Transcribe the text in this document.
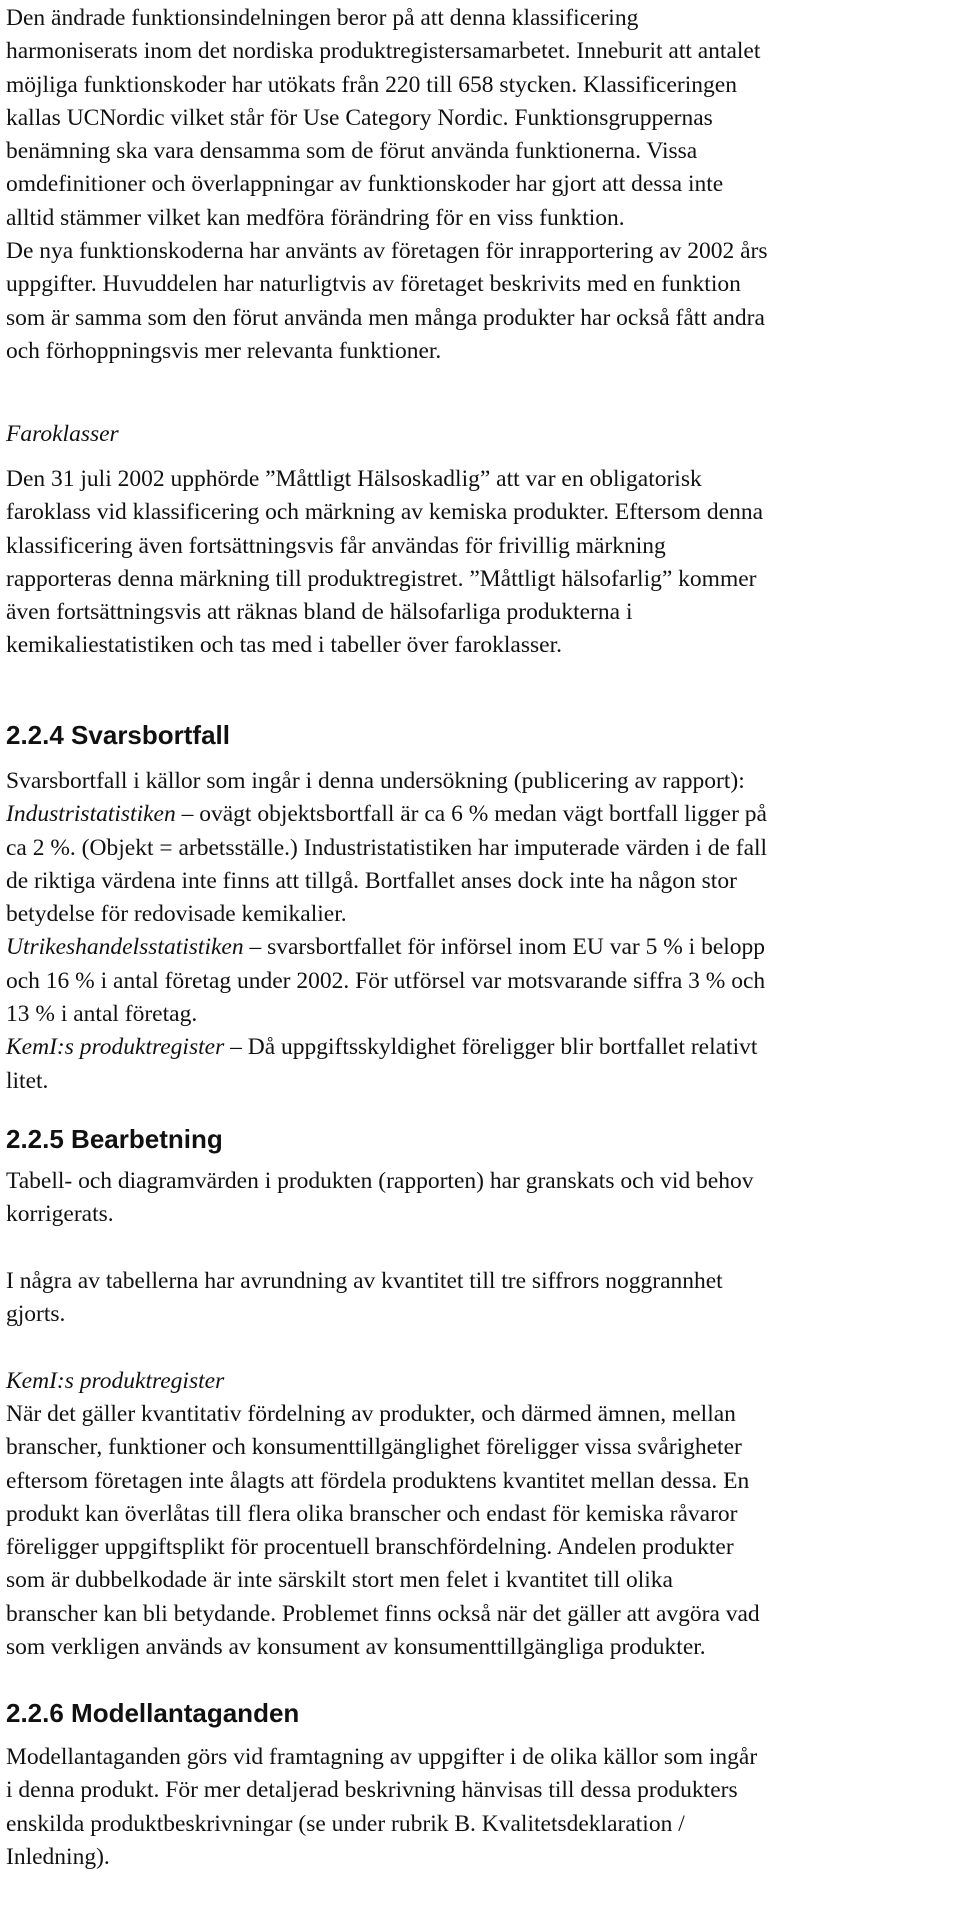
Den ändrade funktionsindelningen beror på att denna klassificering
harmoniserats inom det nordiska produktregistersamarbetet. Inneburit att antalet
möjliga funktionskoder har utökats från 220 till 658 stycken. Klassificeringen
kallas UCNordic vilket står för Use Category Nordic. Funktionsgruppernas
benämning ska vara densamma som de förut använda funktionerna. Vissa
omdefinitioner och överlappningar av funktionskoder har gjort att dessa inte
alltid stämmer vilket kan medföra förändring för en viss funktion.
De nya funktionskoderna har använts av företagen för inrapportering av 2002 års
uppgifter. Huvuddelen har naturligtvis av företaget beskrivits med en funktion
som är samma som den förut använda men många produkter har också fått andra
och förhoppningsvis mer relevanta funktioner.

Faroklasser

Den 31 juli 2002 upphörde ”Måttligt Hälsoskadlig” att var en obligatorisk
faroklass vid klassificering och märkning av kemiska produkter. Eftersom denna
klassificering även fortsättningsvis får användas för frivillig märkning
rapporteras denna märkning till produktregistret. ”Måttligt hälsofarlig” kommer
även fortsättningsvis att räknas bland de hälsofarliga produkterna i
kemikaliestatistiken och tas med i tabeller över faroklasser.

2.2.4 Svarsbortfall

Svarsbortfall i källor som ingår i denna undersökning (publicering av rapport):
Industristatistiken – ovägt objektsbortfall är ca 6 % medan vägt bortfall ligger på
ca 2 %. (Objekt = arbetsställe.) Industristatistiken har imputerade värden i de fall
de riktiga värdena inte finns att tillgå. Bortfallet anses dock inte ha någon stor
betydelse för redovisade kemikalier.
Utrikeshandelsstatistiken – svarsbortfallet för införsel inom EU var 5 % i belopp
och 16 % i antal företag under 2002. För utförsel var motsvarande siffra 3 % och
13 % i antal företag.
KemI:s produktregister – Då uppgiftsskyldighet föreligger blir bortfallet relativt
litet.

2.2.5 Bearbetning

Tabell- och diagramvärden i produkten (rapporten) har granskats och vid behov
korrigerats.

I några av tabellerna har avrundning av kvantitet till tre siffrors noggrannhet
gjorts.

KemI:s produktregister

När det gäller kvantitativ fördelning av produkter, och därmed ämnen, mellan
branscher, funktioner och konsumenttillgänglighet föreligger vissa svårigheter
eftersom företagen inte ålagts att fördela produktens kvantitet mellan dessa. En
produkt kan överlåtas till flera olika branscher och endast för kemiska råvaror
föreligger uppgiftsplikt för procentuell branschfördelning. Andelen produkter
som är dubbelkodade är inte särskilt stort men felet i kvantitet till olika
branscher kan bli betydande. Problemet finns också när det gäller att avgöra vad
som verkligen används av konsument av konsumenttillgängliga produkter.

2.2.6 Modellantaganden

Modellantaganden görs vid framtagning av uppgifter i de olika källor som ingår
i denna produkt. För mer detaljerad beskrivning hänvisas till dessa produkters
enskilda produktbeskrivningar (se under rubrik B. Kvalitetsdeklaration /
Inledning).
